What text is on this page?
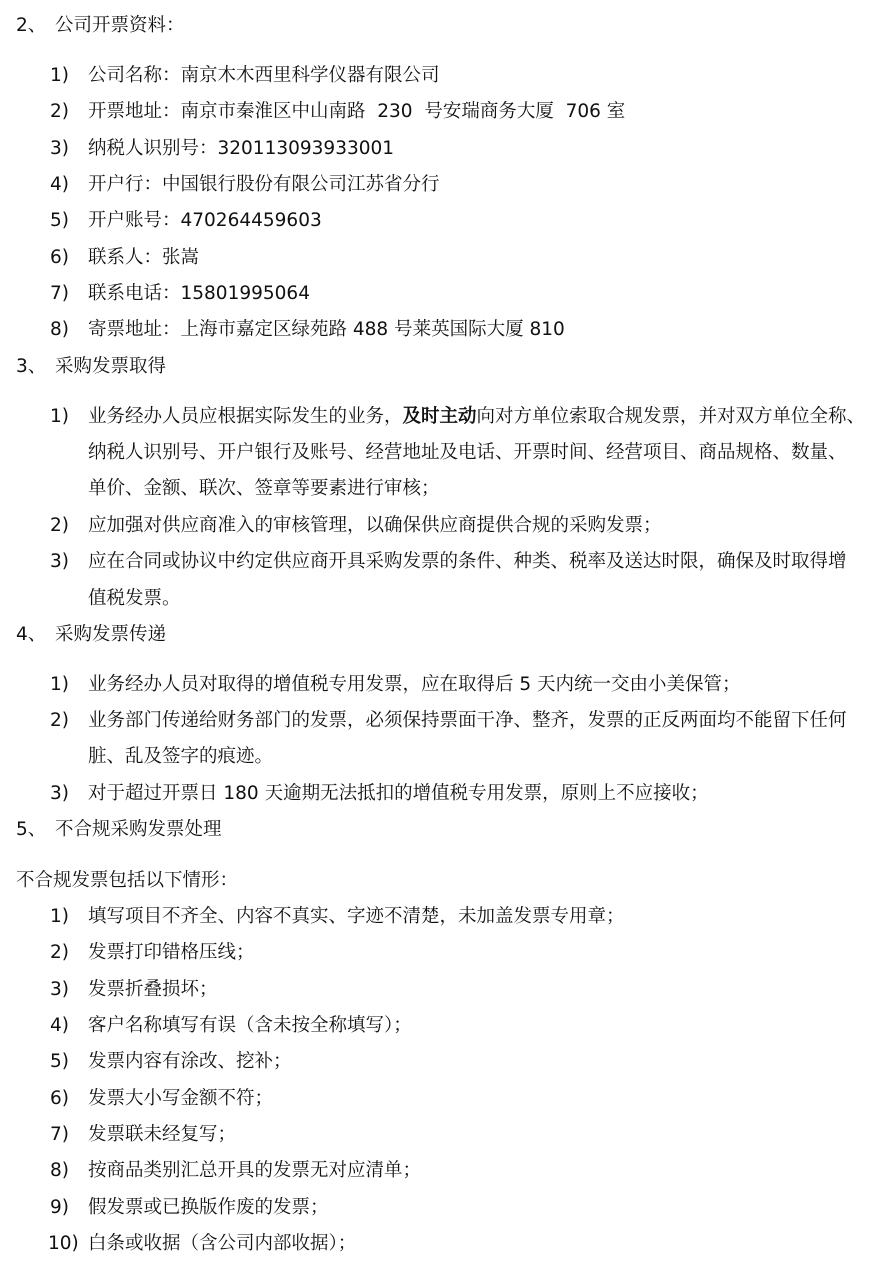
2、 公司开票资料：
1) 公司名称：南京木木西里科学仪器有限公司
2) 开票地址：南京市秦淮区中山南路  230  号安瑞商务大厦  706 室
3) 纳税人识别号：320113093933001
4) 开户行：中国银行股份有限公司江苏省分行
5) 开户账号：470264459603
6) 联系人：张嵩
7) 联系电话：15801995064
8) 寄票地址：上海市嘉定区绿苑路 488 号莱英国际大厦 810
3、 采购发票取得
1) 业务经办人员应根据实际发生的业务，及时主动向对方单位索取合规发票，并对双方单位全称、
纳税人识别号、开户银行及账号、经营地址及电话、开票时间、经营项目、商品规格、数量、
单价、金额、联次、签章等要素进行审核；
2) 应加强对供应商准入的审核管理，以确保供应商提供合规的采购发票；
3) 应在合同或协议中约定供应商开具采购发票的条件、种类、税率及送达时限，确保及时取得增
值税发票。
4、 采购发票传递
1) 业务经办人员对取得的增值税专用发票，应在取得后 5 天内统一交由小美保管；
2) 业务部门传递给财务部门的发票，必须保持票面干净、整齐，发票的正反两面均不能留下任何
脏、乱及签字的痕迹。
3) 对于超过开票日 180 天逾期无法抵扣的增值税专用发票，原则上不应接收；
5、 不合规采购发票处理
不合规发票包括以下情形：
1) 填写项目不齐全、内容不真实、字迹不清楚，未加盖发票专用章；
2) 发票打印错格压线；
3) 发票折叠损坏；
4) 客户名称填写有误（含未按全称填写）；
5) 发票内容有涂改、挖补；
6) 发票大小写金额不符；
7) 发票联未经复写；
8) 按商品类别汇总开具的发票无对应清单；
9) 假发票或已换版作废的发票；
10) 白条或收据（含公司内部收据）；
